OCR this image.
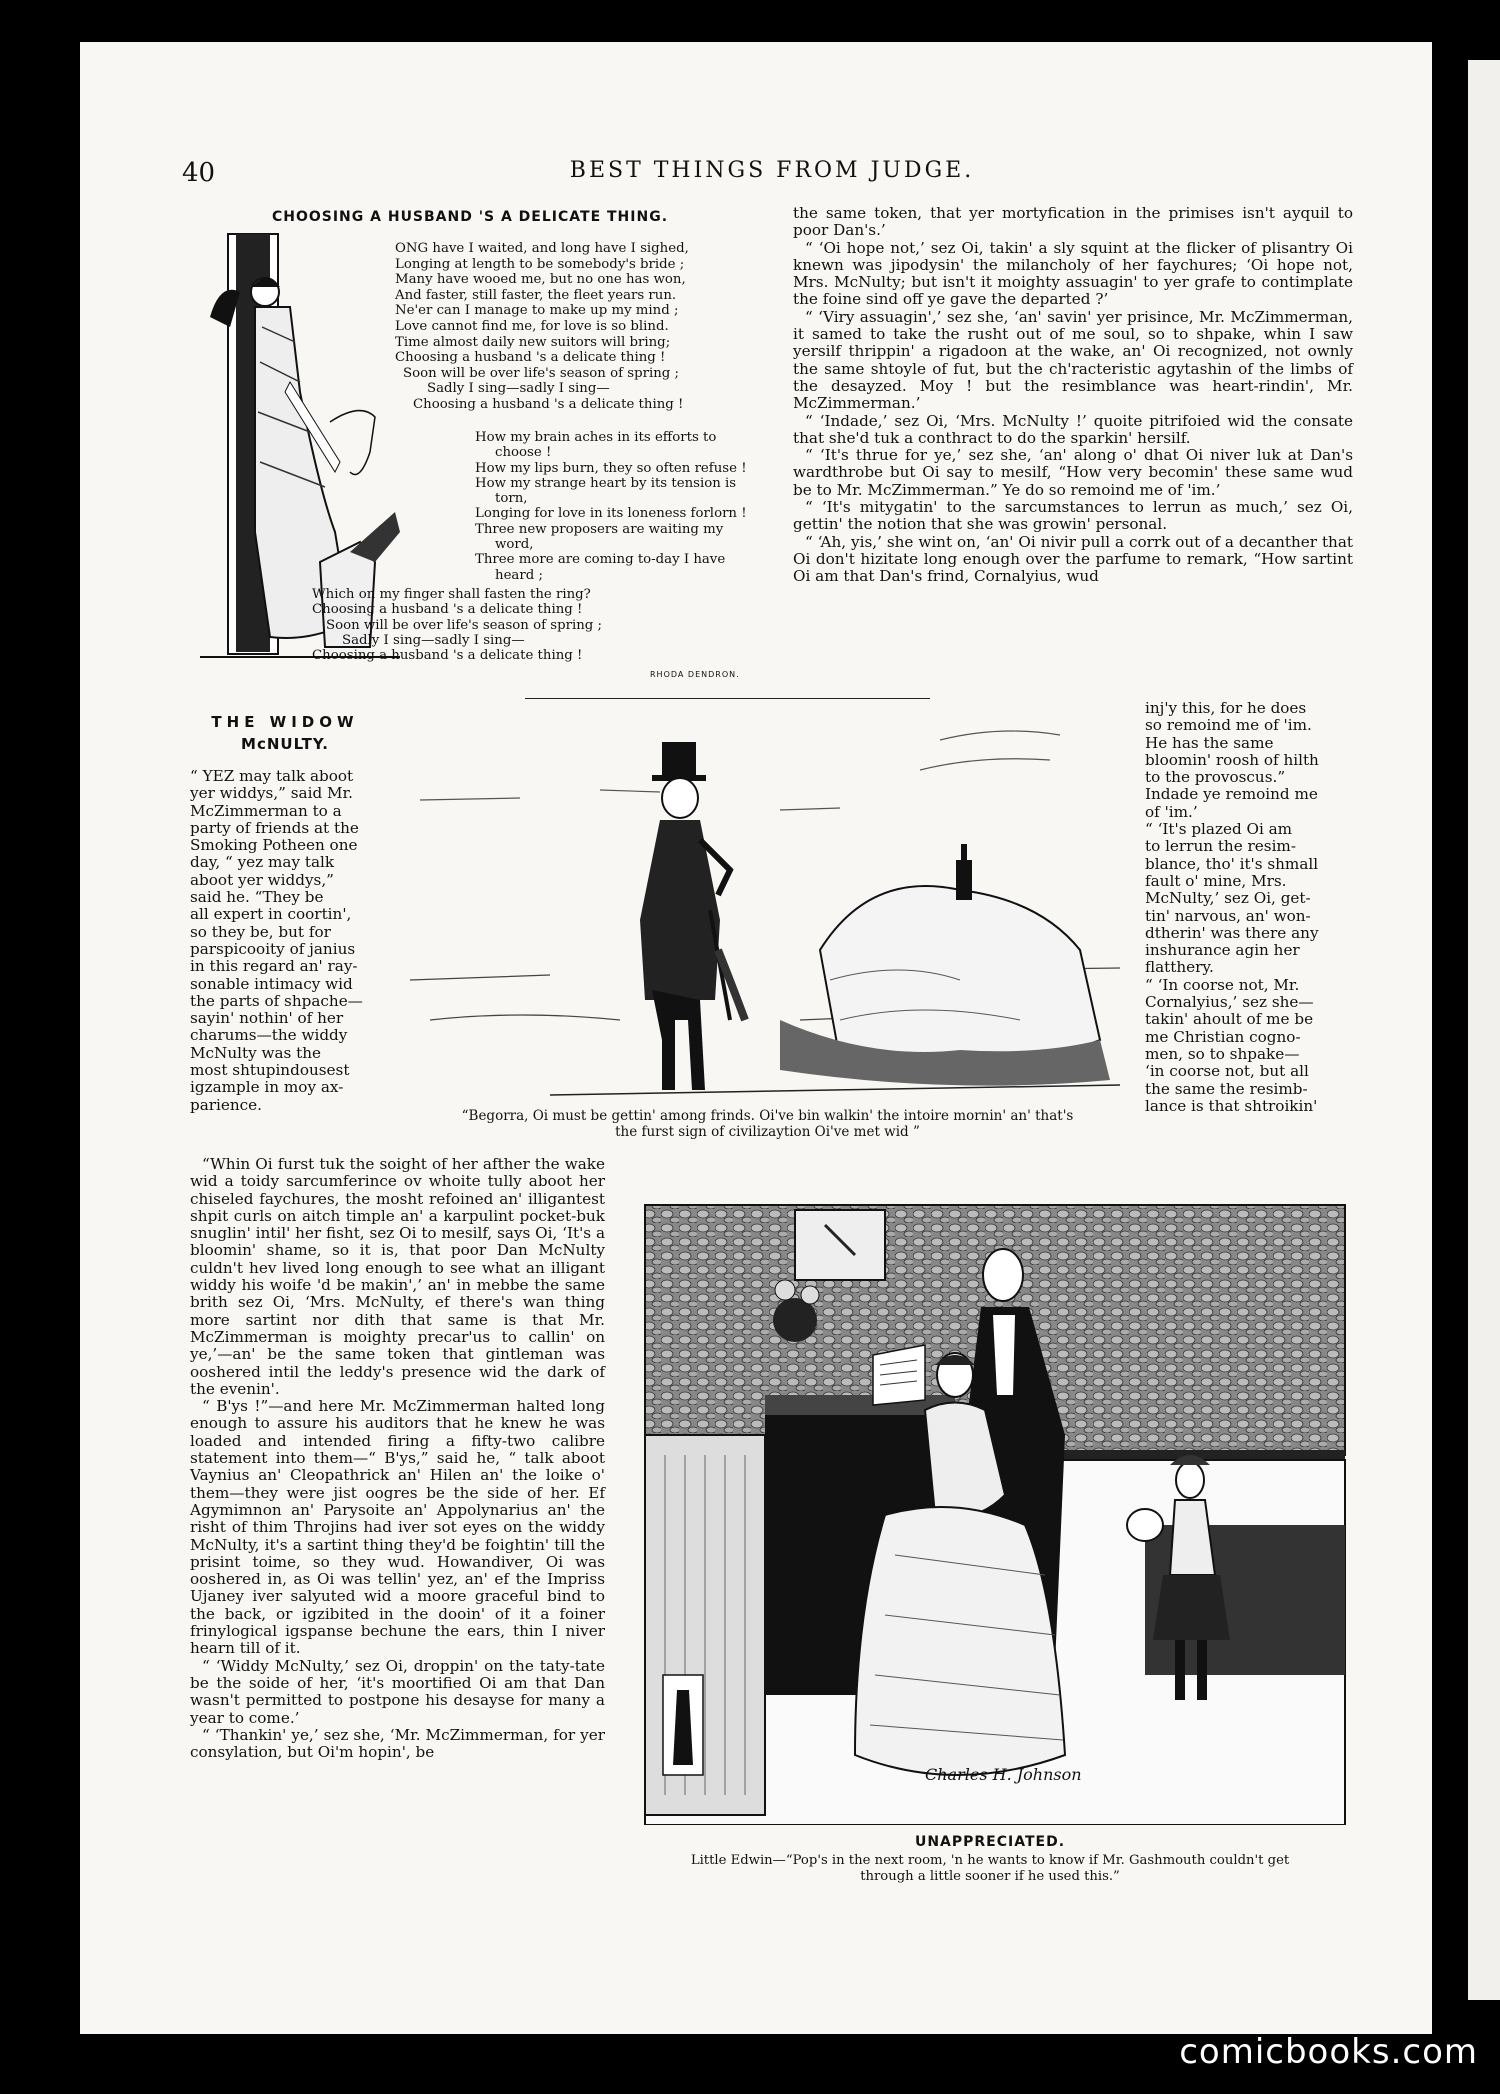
40	BEST THINGS FROM JUDGE.
CHOOSING A HUSBAND 'S A DELICATE THING.
ONG have I waited, and long have I sighed,
Longing at length to be somebody's bride ;
Many have wooed me, but no one has won,
And faster, still faster, the fleet years run.
Ne'er can I manage to make up my mind ;
Love cannot find me, for love is so blind.
Time almost daily new suitors will bring;
Choosing a husband 's a delicate thing !
Soon will be over life's season of spring ;
Sadly I sing—sadly I sing—
Choosing a husband 's a delicate thing !
How my brain aches in its efforts to
choose !
How my lips burn, they so often refuse !
How my strange heart by its tension is
torn,
Longing for love in its loneness forlorn !
Three new proposers are waiting my
word,
Three more are coming to-day I have
heard ;
Which on my finger shall fasten the ring?
Choosing a husband 's a delicate thing !
Soon will be over life's season of spring ;
Sadly I sing—sadly I sing—
Choosing a husband 's a delicate thing !
RHODA DENDRON.
THE WIDOW
McNULTY.
“ YEZ may talk aboot
yer widdys,” said Mr.
McZimmerman to a
party of friends at the
Smoking Potheen one
day, “ yez may talk
aboot yer widdys,”
said he. “They be
all expert in coortin',
so they be, but for
parspicooity of janius
in this regard an' ray-
sonable intimacy wid
the parts of shpache—
sayin' nothin' of her
charums—the widdy
McNulty was the
most shtupindousest
igzample in moy ax-
parience.
“Begorra, Oi must be gettin' among frinds. Oi've bin walkin' the intoire mornin' an' that's
the furst sign of civilizaytion Oi've met wid ”

“Whin Oi furst tuk the soight of her afther the wake wid a toidy sarcumferince ov whoite tully aboot her chiseled faychures, the mosht refoined an' illigantest shpit curls on aitch timple an' a karpulint pocket-buk snuglin' intil' her fisht, sez Oi to mesilf, says Oi, ‘It's a bloomin' shame, so it is, that poor Dan McNulty culdn't hev lived long enough to see what an illigant widdy his woife 'd be makin',’ an' in mebbe the same brith sez Oi, ‘Mrs. McNulty, ef there's wan thing more sartint nor dith that same is that Mr. McZimmerman is moighty precar'us to callin' on ye,’—an' be the same token that gintleman was ooshered intil the leddy's presence wid the dark of the evenin'.

“ B'ys !”—and here Mr. McZimmerman halted long enough to assure his auditors that he knew he was loaded and intended firing a fifty-two calibre statement into them—“ B'ys,” said he, “ talk aboot Vaynius an' Cleopathrick an' Hilen an' the loike o' them—they were jist oogres be the side of her. Ef Agymimnon an' Parysoite an' Appolynarius an' the risht of thim Throjins had iver sot eyes on the widdy McNulty, it's a sartint thing they'd be foightin' till the prisint toime, so they wud. Howandiver, Oi was ooshered in, as Oi was tellin' yez, an' ef the Impriss Ujaney iver salyuted wid a moore graceful bind to the back, or igzibited in the dooin' of it a foiner frinylogical igspanse bechune the ears, thin I niver hearn till of it.

“ ‘Widdy McNulty,’ sez Oi, droppin' on the taty-tate be the soide of her, ‘it's moortified Oi am that Dan wasn't permitted to postpone his desayse for many a year to come.’

“ ‘Thankin' ye,’ sez she, ‘Mr. McZimmerman, for yer consylation, but Oi'm hopin', be

the same token, that yer mortyfication in the primises isn't ayquil to poor Dan's.’

“ ‘Oi hope not,’ sez Oi, takin' a sly squint at the flicker of plisantry Oi knewn was jipodysin' the milancholy of her faychures; ‘Oi hope not, Mrs. McNulty; but isn't it moighty assuagin' to yer grafe to contimplate the foine sind off ye gave the departed ?’

“ ‘Viry assuagin',’ sez she, ‘an' savin' yer prisince, Mr. McZimmerman, it samed to take the rusht out of me soul, so to shpake, whin I saw yersilf thrippin' a rigadoon at the wake, an' Oi recognized, not ownly the same shtoyle of fut, but the ch'racteristic agytashin of the limbs of the desayzed. Moy ! but the resimblance was heart-rindin', Mr. McZimmerman.’

“ ‘Indade,’ sez Oi, ‘Mrs. McNulty !’ quoite pitrifoied wid the consate that she'd tuk a conthract to do the sparkin' hersilf.

“ ‘It's thrue for ye,’ sez she, ‘an' along o' dhat Oi niver luk at Dan's wardthrobe but Oi say to mesilf, “How very becomin' these same wud be to Mr. McZimmerman.” Ye do so remoind me of 'im.’

“ ‘It's mitygatin' to the sarcumstances to lerrun as much,’ sez Oi, gettin' the notion that she was growin' personal.

“ ‘Ah, yis,’ she wint on, ‘an' Oi nivir pull a corrk out of a decanther that Oi don't hizitate long enough over the parfume to remark, “How sartint Oi am that Dan's frind, Cornalyius, wud

inj'y this, for he does
so remoind me of 'im.
He has the same
bloomin' roosh of hilth
to the provoscus.”
Indade ye remoind me
of 'im.’
“ ‘It's plazed Oi am
to lerrun the resim-
blance, tho' it's shmall
fault o' mine, Mrs.
McNulty,’ sez Oi, get-
tin' narvous, an' won-
dtherin' was there any
inshurance agin her
flatthery.
“ ‘In coorse not, Mr.
Cornalyius,’ sez she—
takin' ahoult of me be
me Christian cogno-
men, so to shpake—
‘in coorse not, but all
the same the resimb-
lance is that shtroikin'
Charles H. Johnson
UNAPPRECIATED.
Little Edwin—“Pop's in the next room, 'n he wants to know if Mr. Gashmouth couldn't get
through a little sooner if he used this.”
comicbooks.com
